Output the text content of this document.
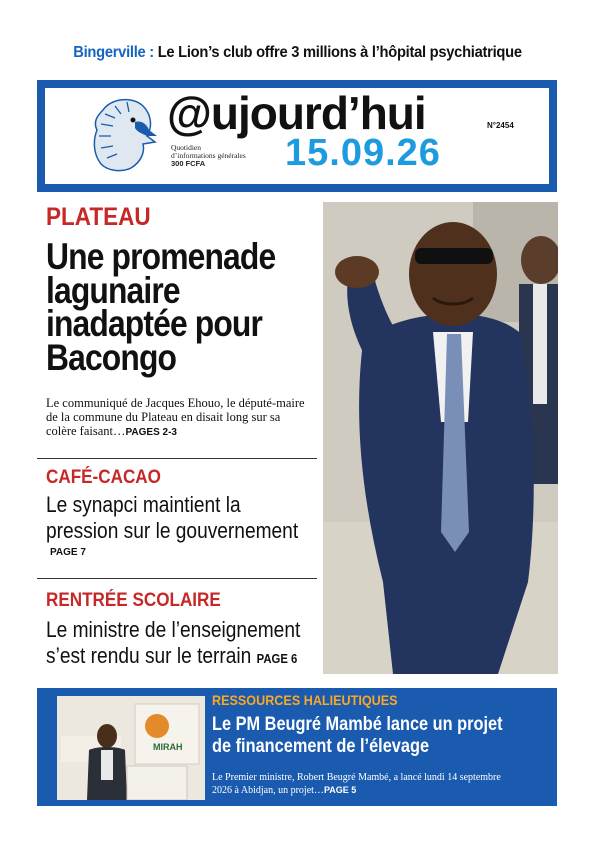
Bingerville : Le Lion’s club offre 3 millions à l’hôpital psychiatrique
@ujourd’hui	N°2454
Quotidien
d’informations générales
300 FCFA	15.09.26
PLATEAU
Une promenade lagunaire inadaptée pour Bacongo
Le communiqué de Jacques Ehouo, le député-maire de la commune du Plateau en disait long sur sa colère faisant…PAGES 2-3
CAFÉ-CACAO
Le synapci maintient la pression sur le gouvernement
PAGE 7
RENTRÉE SCOLAIRE
Le ministre de l’enseignement s’est rendu sur le terrain PAGE 6
MIRAH
RESSOURCES HALIEUTIQUES
Le PM Beugré Mambé lance un projet de financement de l’élevage
Le Premier ministre, Robert Beugré Mambé, a lancé lundi 14 septembre 2026 à Abidjan, un projet…PAGE 5
